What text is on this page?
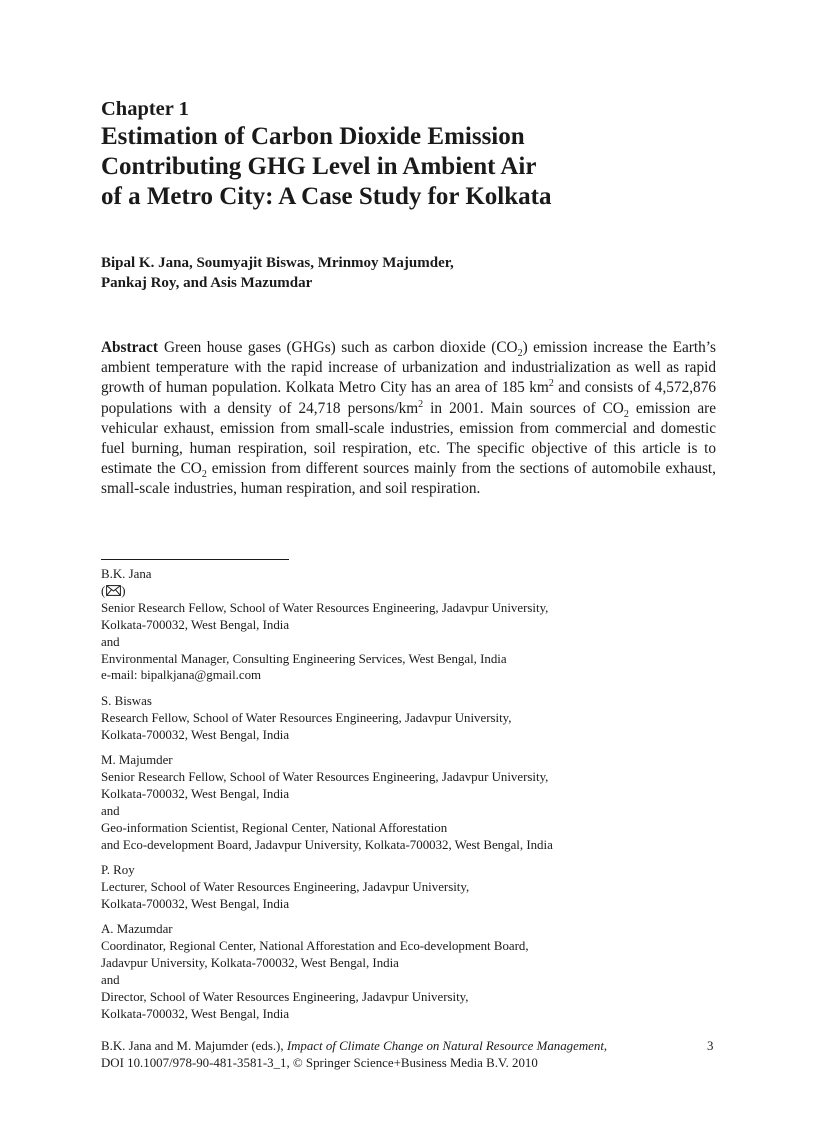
Chapter 1
Estimation of Carbon Dioxide Emission
Contributing GHG Level in Ambient Air
of a Metro City: A Case Study for Kolkata
Bipal K. Jana, Soumyajit Biswas, Mrinmoy Majumder,
Pankaj Roy, and Asis Mazumdar
Abstract Green house gases (GHGs) such as carbon dioxide $(CO_2)$ emission increase the Earth’s ambient temperature with the rapid increase of urbanization and industrialization as well as rapid growth of human population. Kolkata Metro City has an area of 185 $km^2$ and consists of 4,572,876 populations with a density of 24,718 persons/$km^2$ in 2001. Main sources of $CO_2$ emission are vehicular exhaust, emission from small-scale industries, emission from commercial and domestic fuel burning, human respiration, soil respiration, etc. The specific objective of this article is to estimate the $CO_2$ emission from different sources mainly from the sections of automobile exhaust, small-scale industries, human respiration, and soil respiration.
B.K. Jana
( )
Senior Research Fellow, School of Water Resources Engineering, Jadavpur University,
Kolkata-700032, West Bengal, India
and
Environmental Manager, Consulting Engineering Services, West Bengal, India
e-mail: bipalkjana@gmail.com
S. Biswas
Research Fellow, School of Water Resources Engineering, Jadavpur University,
Kolkata-700032, West Bengal, India
M. Majumder
Senior Research Fellow, School of Water Resources Engineering, Jadavpur University,
Kolkata-700032, West Bengal, India
and
Geo-information Scientist, Regional Center, National Afforestation
and Eco-development Board, Jadavpur University, Kolkata-700032, West Bengal, India
P. Roy
Lecturer, School of Water Resources Engineering, Jadavpur University,
Kolkata-700032, West Bengal, India
A. Mazumdar
Coordinator, Regional Center, National Afforestation and Eco-development Board,
Jadavpur University, Kolkata-700032, West Bengal, India
and
Director, School of Water Resources Engineering, Jadavpur University,
Kolkata-700032, West Bengal, India
B.K. Jana and M. Majumder (eds.), Impact of Climate Change on Natural Resource Management,
DOI 10.1007/978-90-481-3581-3_1, © Springer Science+Business Media B.V. 2010
3
